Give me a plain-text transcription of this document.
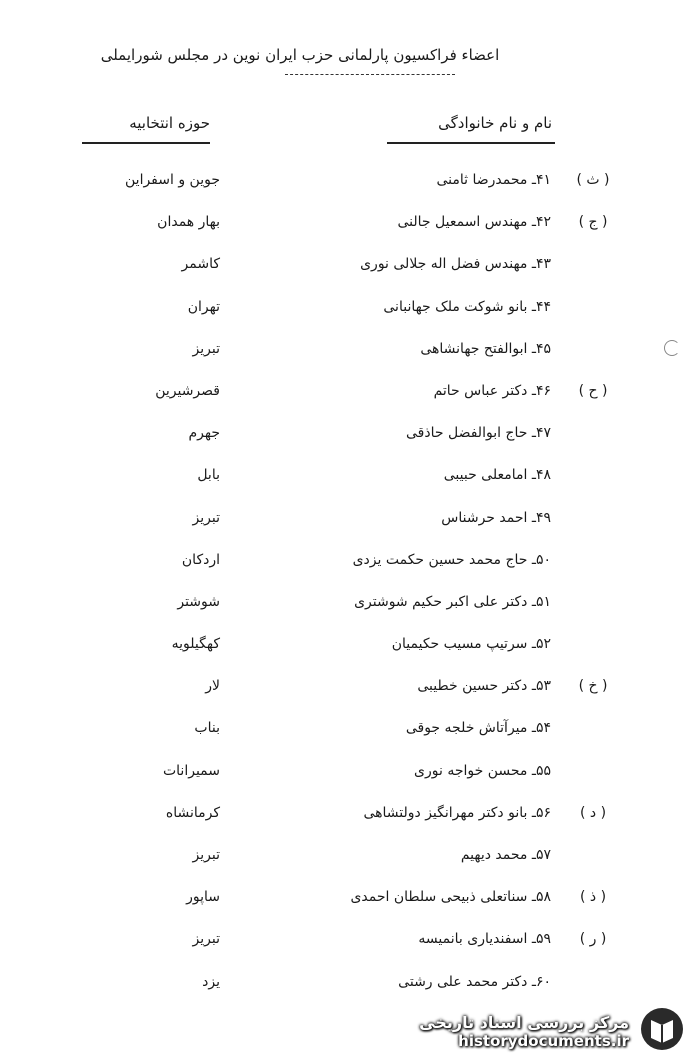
اعضاء فراکسیون پارلمانی حزب ایران نوین در مجلس شورایملی
نام و نام خانوادگی
حوزه انتخابیه
۴۱ـ محمدرضا ثامنی
جوین و اسفراین	( ث )
۴۲ـ مهندس اسمعیل جالنی
بهار همدان	( ج )
۴۳ـ مهندس فضل اله جلالی نوری
کاشمر
۴۴ـ بانو شوکت ملک جهانبانی
تهران
۴۵ـ ابوالفتح جهانشاهی
تبریز
۴۶ـ دکتر عباس حاتم
قصرشیرین	( ح )
۴۷ـ حاج ابوالفضل حاذقی
جهرم
۴۸ـ امامعلی حبیبی
بابل
۴۹ـ احمد حرشناس
تبریز
۵۰ـ حاج محمد حسین حکمت یزدی
اردکان
۵۱ـ دکتر علی اکبر حکیم شوشتری
شوشتر
۵۲ـ سرتیپ مسیب حکیمیان
کهگیلویه
۵۳ـ دکتر حسین خطیبی
لار	( خ )
۵۴ـ میرآتاش خلجه جوقی
بناب
۵۵ـ محسن خواجه نوری
سمیرانات
۵۶ـ بانو دکتر مهرانگیز دولتشاهی
کرمانشاه	( د )
۵۷ـ محمد دیهیم
تبریز
۵۸ـ سناتعلی ذبیحی سلطان احمدی
ساپور	( ذ )
۵۹ـ اسفندیاری بانمیسه
تبریز	( ر )
۶۰ـ دکتر محمد علی رشتی
یزد
مرکز بررسی اسناد تاریخی
historydocuments.ir
